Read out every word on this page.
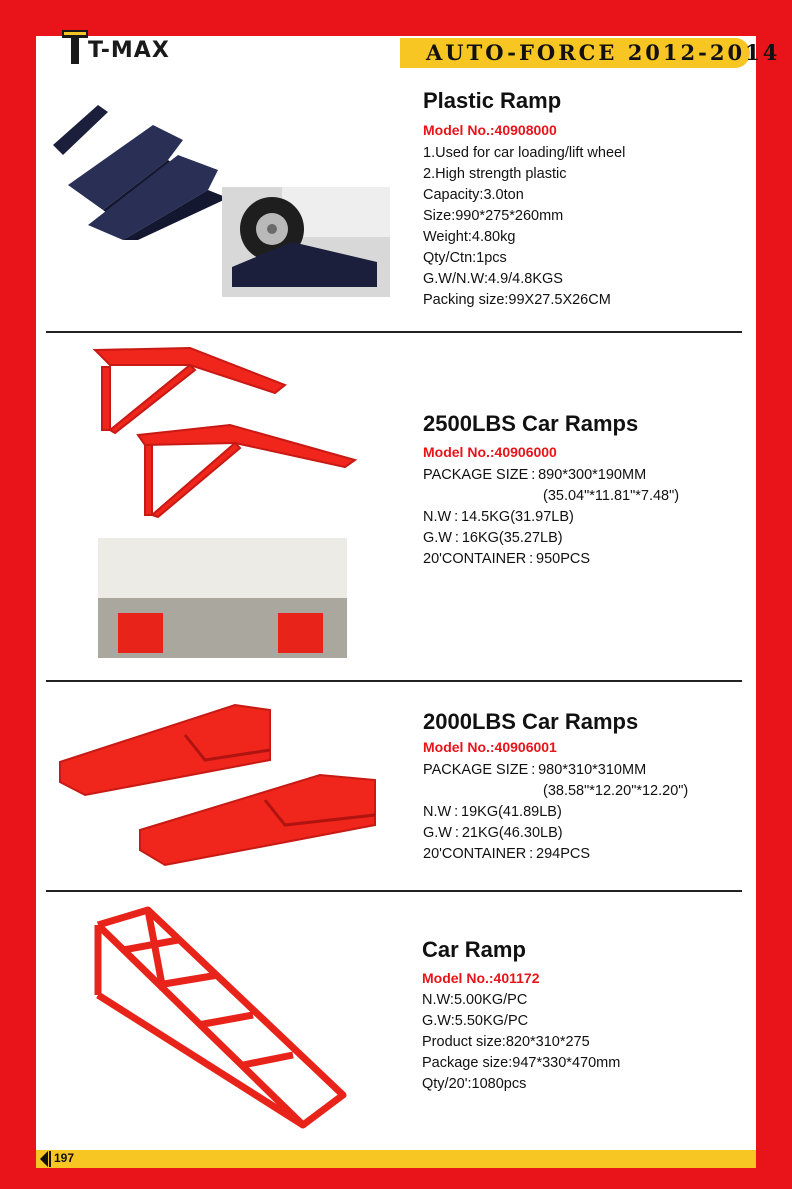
T-MAX	AUTO-FORCE 2012-2014
Plastic Ramp
Model No.:40908000
1.Used for car loading/lift wheel
2.High strength plastic
Capacity:3.0ton
Size:990*275*260mm
Weight:4.80kg
Qty/Ctn:1pcs
G.W/N.W:4.9/4.8KGS
Packing size:99X27.5X26CM
2500LBS Car Ramps
Model No.:40906000
PACKAGE SIZE : 890*300*190MM
(35.04"*11.81"*7.48")
N.W : 14.5KG(31.97LB)
G.W : 16KG(35.27LB)
20'CONTAINER : 950PCS
2000LBS Car Ramps
Model No.:40906001
PACKAGE SIZE : 980*310*310MM
(38.58"*12.20"*12.20")
N.W : 19KG(41.89LB)
G.W : 21KG(46.30LB)
20'CONTAINER : 294PCS
Car Ramp
Model No.:401172
N.W:5.00KG/PC
G.W:5.50KG/PC
Product size:820*310*275
Package size:947*330*470mm
Qty/20':1080pcs
197
